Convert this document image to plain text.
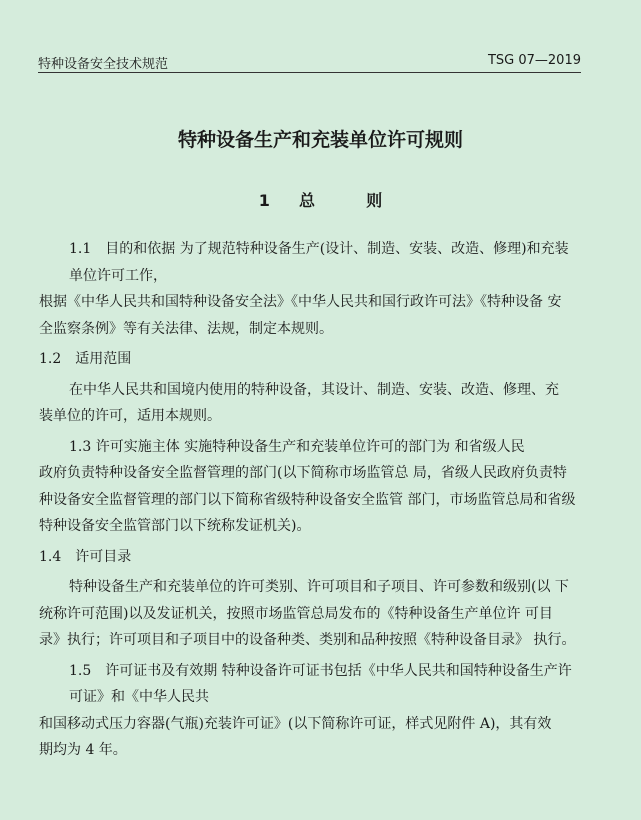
特种设备安全技术规范	TSG 07—2019
特种设备生产和充装单位许可规则
1 总	则

1.1　目的和依据 为了规范特种设备生产(设计、制造、安装、改造、修理)和充装

单位许可工作，

根据《中华人民共和国特种设备安全法》《中华人民共和国行政许可法》《特种设备 安

全监察条例》等有关法律、法规，制定本规则。

1.2　适用范围

在中华人民共和国境内使用的特种设备，其设计、制造、安装、改造、修理、充

装单位的许可，适用本规则。

1.3 许可实施主体 实施特种设备生产和充装单位许可的部门为 和省级人民

政府负责特种设备安全监督管理的部门(以下简称市场监管总 局，省级人民政府负责特

种设备安全监督管理的部门以下简称省级特种设备安全监管 部门，市场监管总局和省级

特种设备安全监管部门以下统称发证机关)。

1.4　许可目录

特种设备生产和充装单位的许可类别、许可项目和子项目、许可参数和级别(以 下

统称许可范围)以及发证机关，按照市场监管总局发布的《特种设备生产单位许 可目

录》执行；许可项目和子项目中的设备种类、类别和品种按照《特种设备目录》 执行。

1.5　许可证书及有效期 特种设备许可证书包括《中华人民共和国特种设备生产许

可证》和《中华人民共

和国移动式压力容器(气瓶)充装许可证》(以下简称许可证，样式见附件 A)，其有效

期均为 4 年。
